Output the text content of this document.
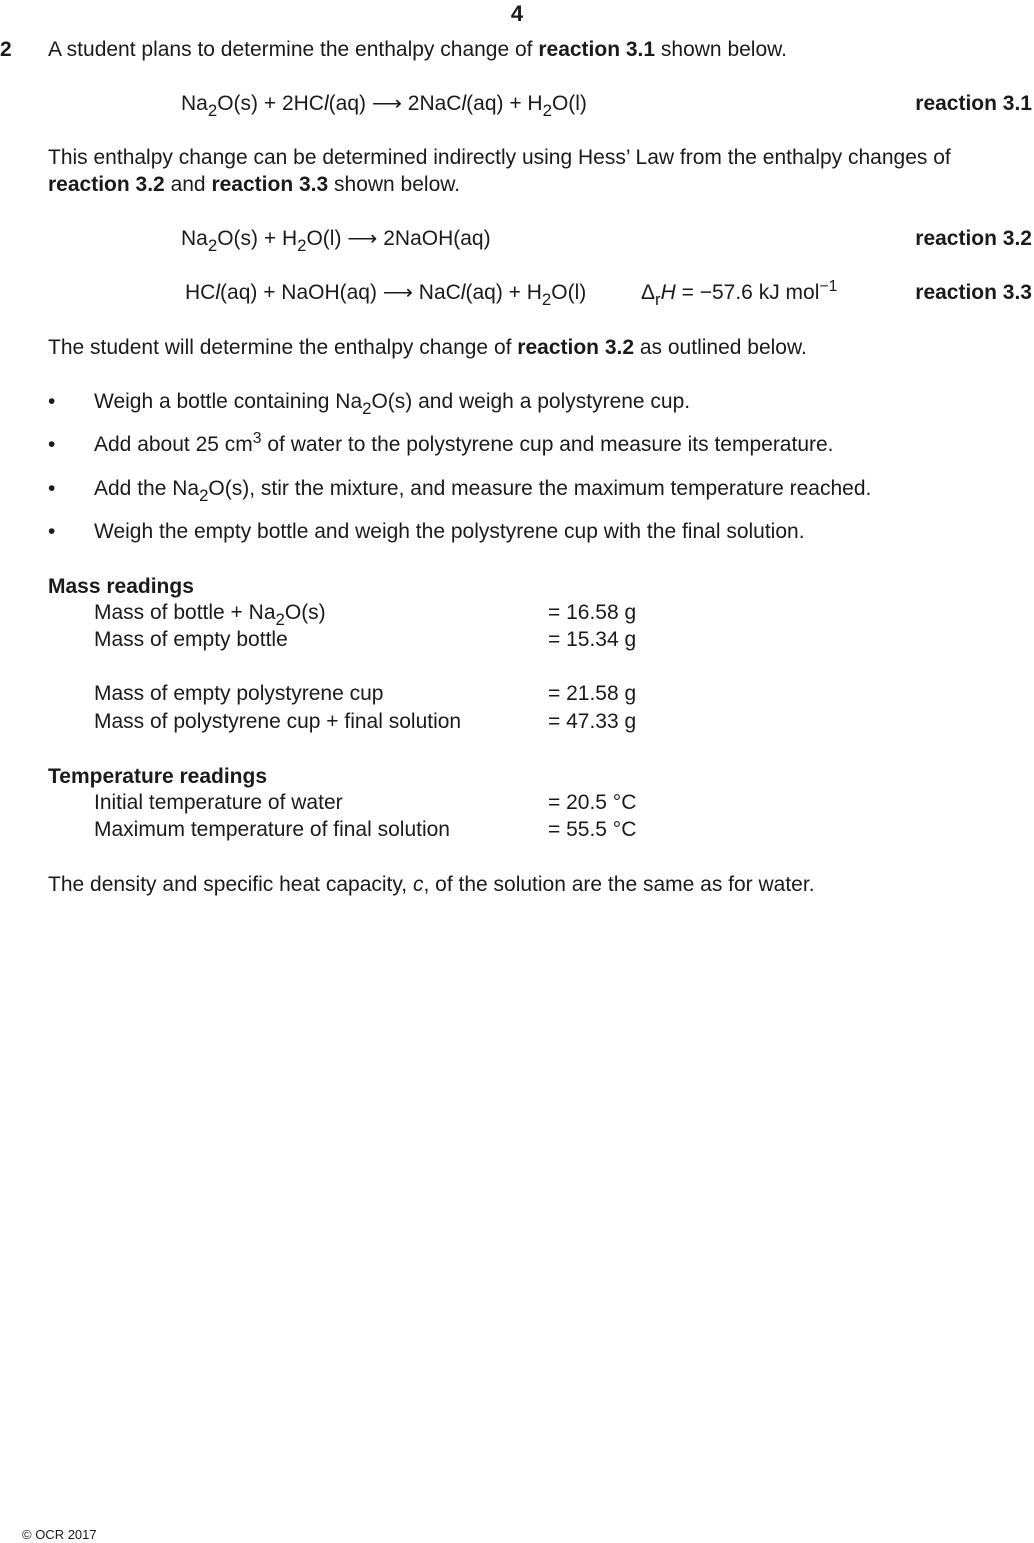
4
2 A student plans to determine the enthalpy change of reaction 3.1 shown below.
$Na_2O(s) + 2HCl(aq)$ ⟶ 2NaCl(aq) + $H_2O(l)$	reaction 3.1
This enthalpy change can be determined indirectly using Hess’ Law from the enthalpy changes of
reaction 3.2 and reaction 3.3 shown below.
$Na_2O(s) + H_2O(l)$ ⟶ 2NaOH(aq)	reaction 3.2
HCl(aq) + NaOH(aq) ⟶ NaCl(aq) + $H_2O(l)$	$\Delta_rH = -57.6$ kJ mol$^{-1}$	reaction 3.3
The student will determine the enthalpy change of reaction 3.2 as outlined below.
• Weigh a bottle containing $Na_2O(s)$ and weigh a polystyrene cup.
• Add about 25 $cm^3$ of water to the polystyrene cup and measure its temperature.
• Add the $Na_2O(s)$, stir the mixture, and measure the maximum temperature reached.
• Weigh the empty bottle and weigh the polystyrene cup with the final solution.
Mass readings
Mass of bottle + $Na_2O(s)$	= 16.58 g
Mass of empty bottle	= 15.34 g
Mass of empty polystyrene cup	= 21.58 g
Mass of polystyrene cup + final solution	= 47.33 g
Temperature readings
Initial temperature of water	= 20.5 °C
Maximum temperature of final solution	= 55.5 °C
The density and specific heat capacity, c, of the solution are the same as for water.
© OCR 2017
